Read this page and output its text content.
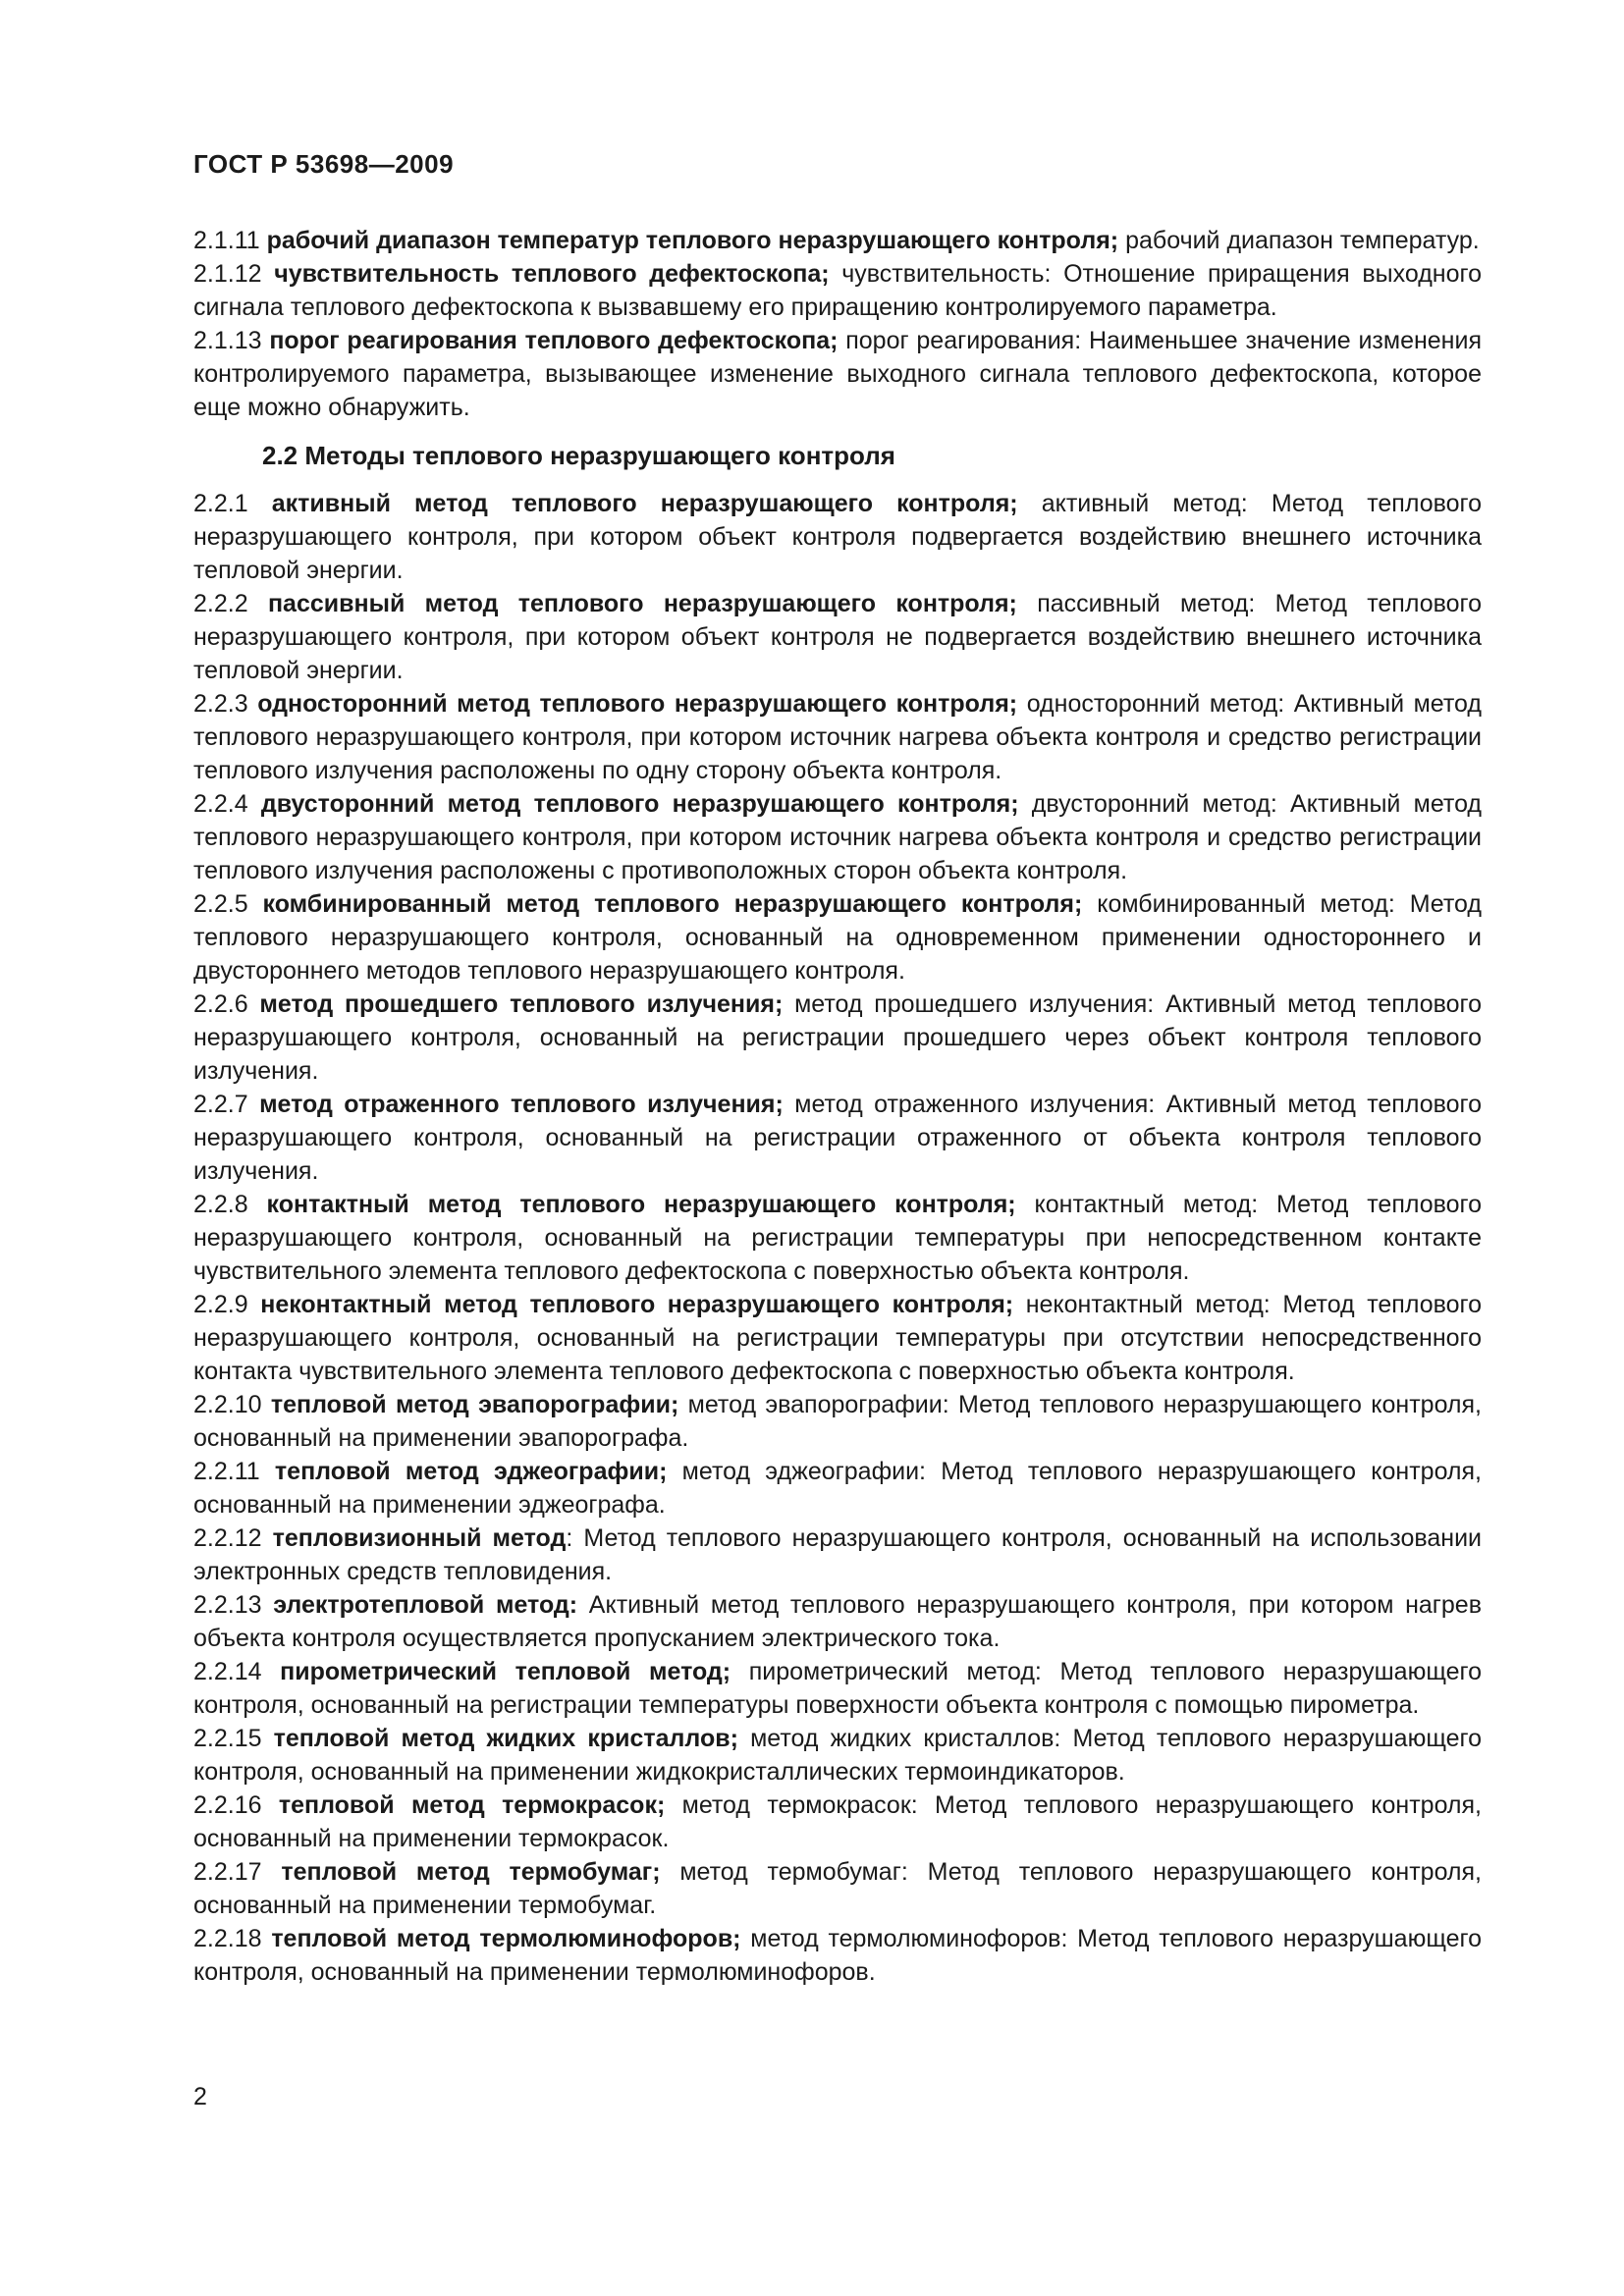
ГОСТ Р 53698—2009

2.1.11 рабочий диапазон температур теплового неразрушающего контроля; рабочий диапазон температур.

2.1.12 чувствительность теплового дефектоскопа; чувствительность: Отношение приращения выходного сигнала теплового дефектоскопа к вызвавшему его приращению контролируемого параметра.

2.1.13 порог реагирования теплового дефектоскопа; порог реагирования: Наименьшее значение изменения контролируемого параметра, вызывающее изменение выходного сигнала теплового дефектоскопа, которое еще можно обнаружить.

2.2 Методы теплового неразрушающего контроля

2.2.1 активный метод теплового неразрушающего контроля; активный метод: Метод теплового неразрушающего контроля, при котором объект контроля подвергается воздействию внешнего источника тепловой энергии.

2.2.2 пассивный метод теплового неразрушающего контроля; пассивный метод: Метод теплового неразрушающего контроля, при котором объект контроля не подвергается воздействию внешнего источника тепловой энергии.

2.2.3 односторонний метод теплового неразрушающего контроля; односторонний метод: Активный метод теплового неразрушающего контроля, при котором источник нагрева объекта контроля и средство регистрации теплового излучения расположены по одну сторону объекта контроля.

2.2.4 двусторонний метод теплового неразрушающего контроля; двусторонний метод: Активный метод теплового неразрушающего контроля, при котором источник нагрева объекта контроля и средство регистрации теплового излучения расположены с противоположных сторон объекта контроля.

2.2.5 комбинированный метод теплового неразрушающего контроля; комбинированный метод: Метод теплового неразрушающего контроля, основанный на одновременном применении одностороннего и двустороннего методов теплового неразрушающего контроля.

2.2.6 метод прошедшего теплового излучения; метод прошедшего излучения: Активный метод теплового неразрушающего контроля, основанный на регистрации прошедшего через объект контроля теплового излучения.

2.2.7 метод отраженного теплового излучения; метод отраженного излучения: Активный метод теплового неразрушающего контроля, основанный на регистрации отраженного от объекта контроля теплового излучения.

2.2.8 контактный метод теплового неразрушающего контроля; контактный метод: Метод теплового неразрушающего контроля, основанный на регистрации температуры при непосредственном контакте чувствительного элемента теплового дефектоскопа с поверхностью объекта контроля.

2.2.9 неконтактный метод теплового неразрушающего контроля; неконтактный метод: Метод теплового неразрушающего контроля, основанный на регистрации температуры при отсутствии непосредственного контакта чувствительного элемента теплового дефектоскопа с поверхностью объекта контроля.

2.2.10 тепловой метод эвапорографии; метод эвапорографии: Метод теплового неразрушающего контроля, основанный на применении эвапорографа.

2.2.11 тепловой метод эджеографии; метод эджеографии: Метод теплового неразрушающего контроля, основанный на применении эджеографа.

2.2.12 тепловизионный метод: Метод теплового неразрушающего контроля, основанный на использовании электронных средств тепловидения.

2.2.13 электротепловой метод: Активный метод теплового неразрушающего контроля, при котором нагрев объекта контроля осуществляется пропусканием электрического тока.

2.2.14 пирометрический тепловой метод; пирометрический метод: Метод теплового неразрушающего контроля, основанный на регистрации температуры поверхности объекта контроля с помощью пирометра.

2.2.15 тепловой метод жидких кристаллов; метод жидких кристаллов: Метод теплового неразрушающего контроля, основанный на применении жидкокристаллических термоиндикаторов.

2.2.16 тепловой метод термокрасок; метод термокрасок: Метод теплового неразрушающего контроля, основанный на применении термокрасок.

2.2.17 тепловой метод термобумаг; метод термобумаг: Метод теплового неразрушающего контроля, основанный на применении термобумаг.

2.2.18 тепловой метод термолюминофоров; метод термолюминофоров: Метод теплового неразрушающего контроля, основанный на применении термолюминофоров.

2
